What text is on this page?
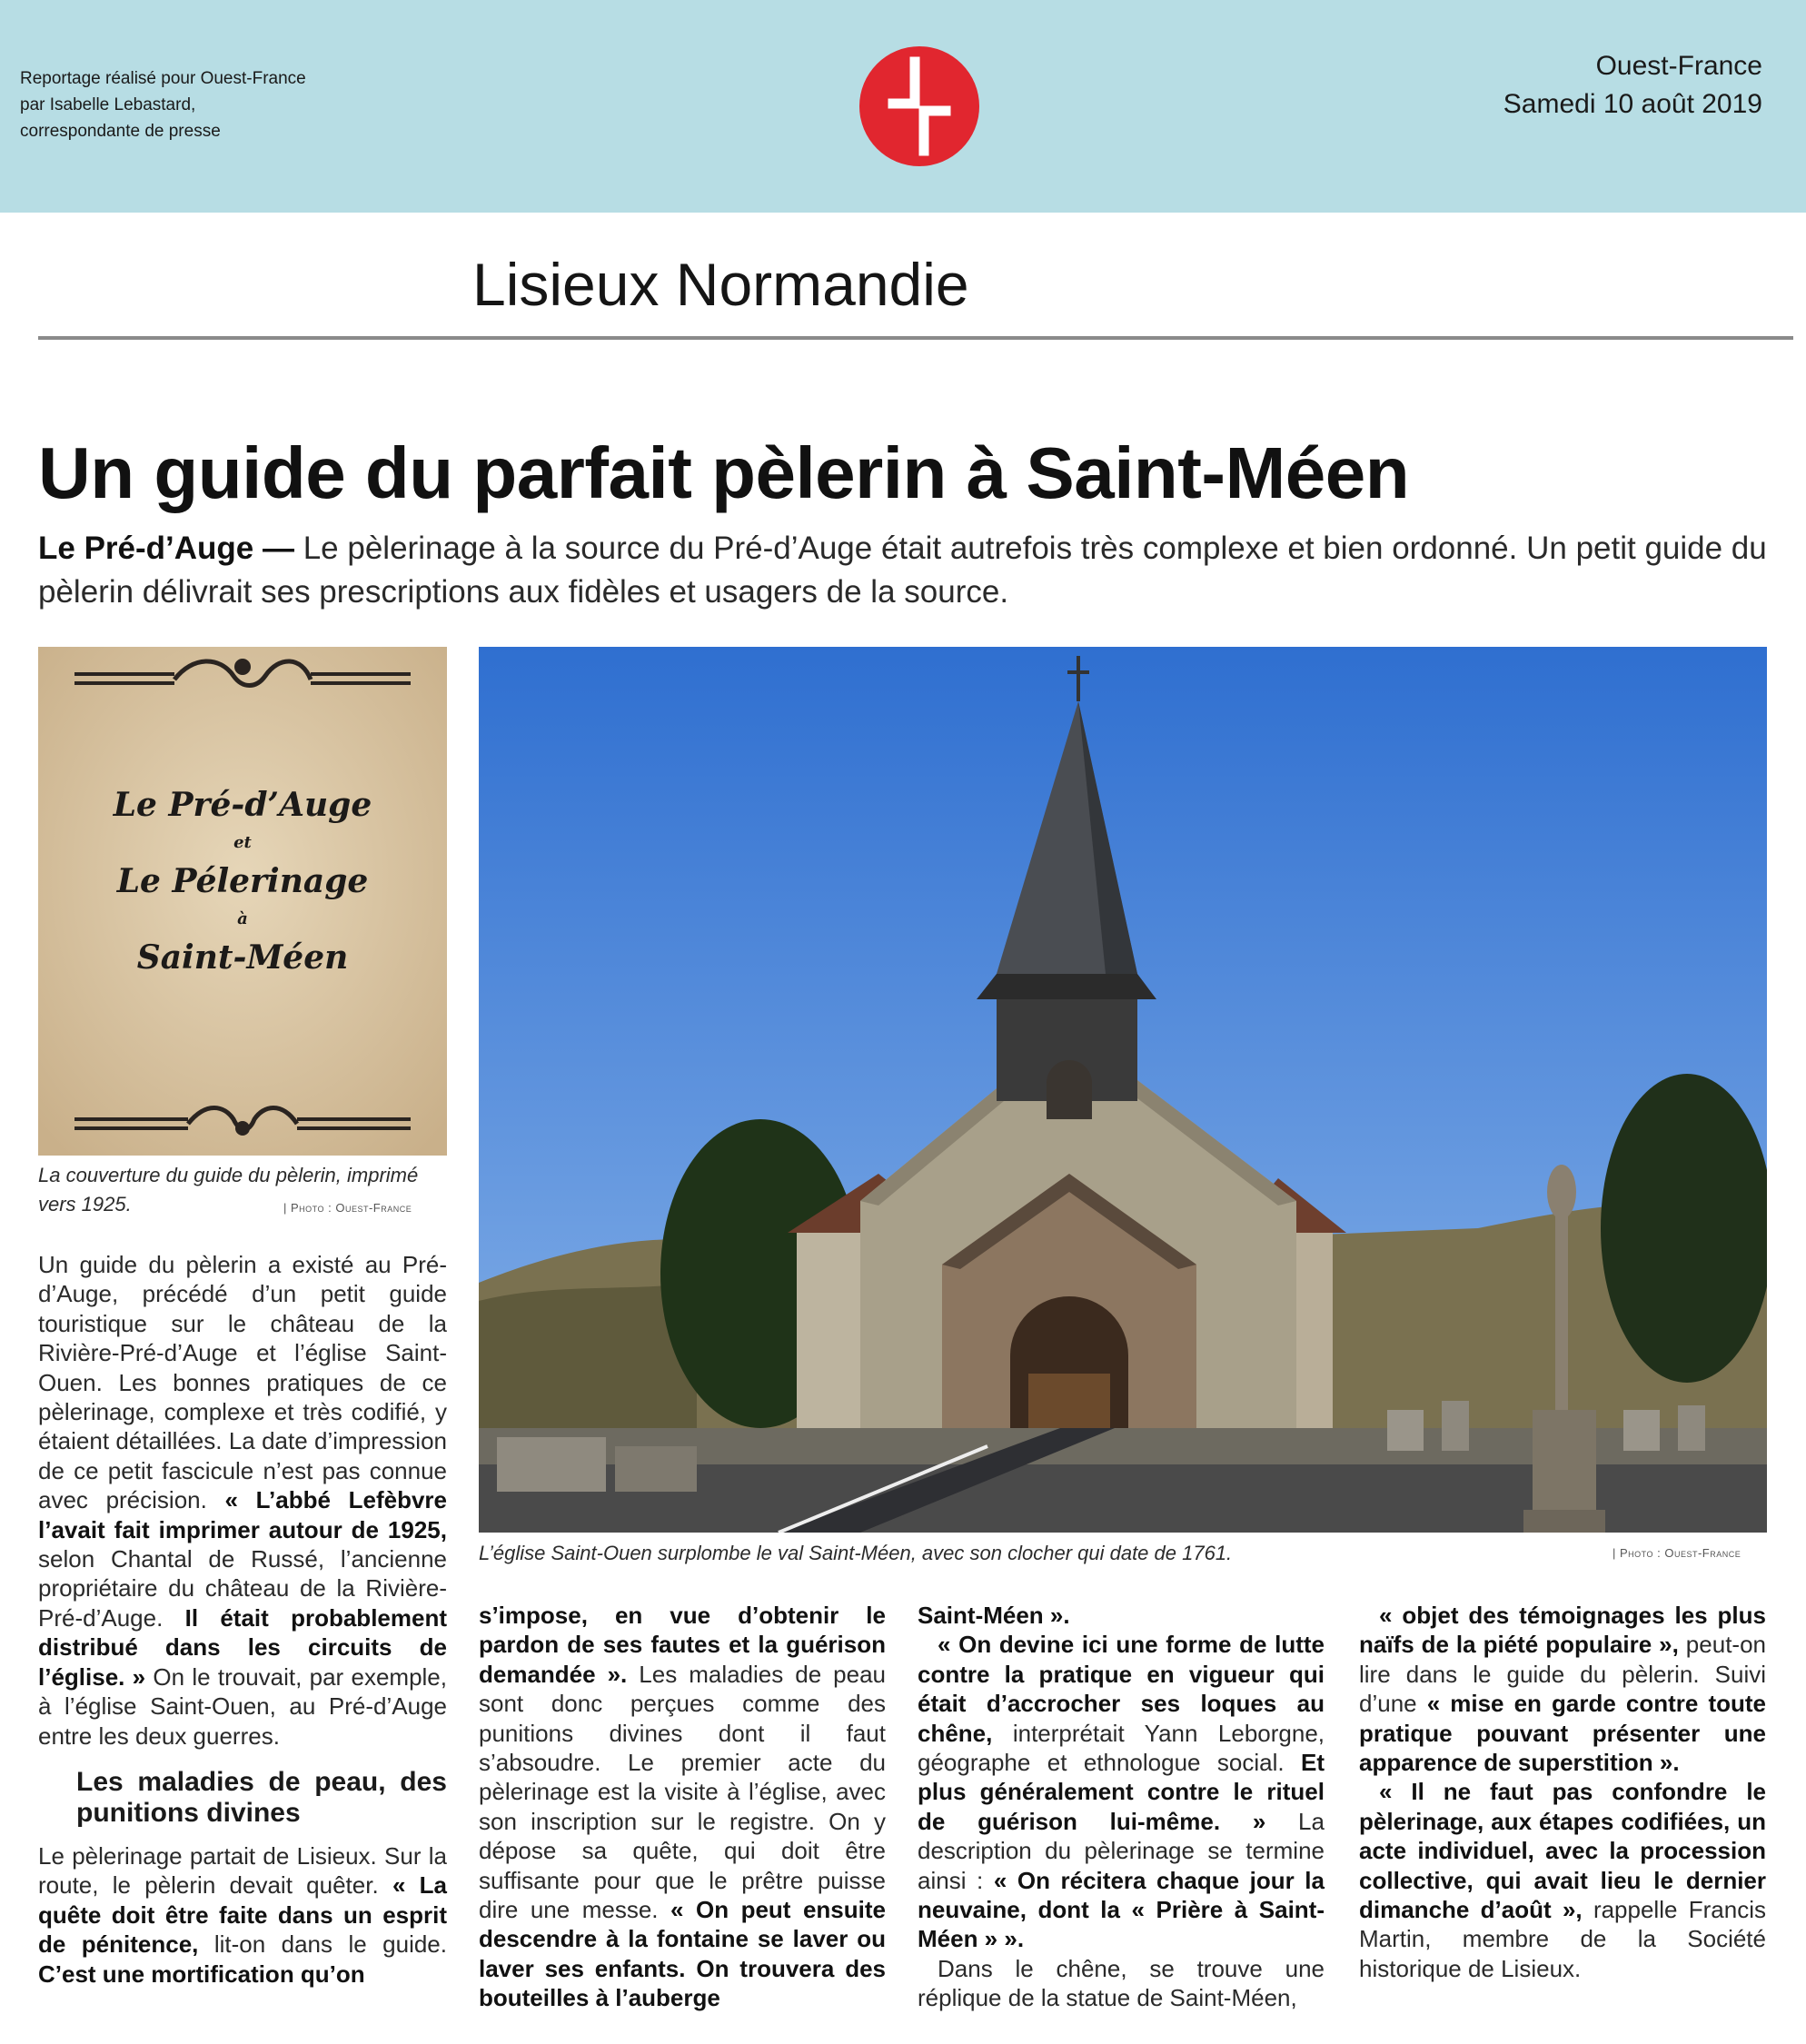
Reportage réalisé pour Ouest-France
par Isabelle Lebastard,
correspondante de presse
Ouest-France
Samedi 10 août 2019
Lisieux Normandie
Un guide du parfait pèlerin à Saint-Méen
Le Pré-d’Auge — Le pèlerinage à la source du Pré-d’Auge était autrefois très complexe et bien ordonné. Un petit guide du pèlerin délivrait ses prescriptions aux fidèles et usagers de la source.
Le Pré-d’Auge
et
Le Pélerinage
à
Saint-Méen
La couverture du guide du pèlerin, imprimé vers 1925.	| Photo : Ouest-France
L’église Saint-Ouen surplombe le val Saint-Méen, avec son clocher qui date de 1761.	| Photo : Ouest-France

Un guide du pèlerin a existé au Pré-d’Auge, précédé d’un petit guide touristique sur le château de la Rivière-Pré-d’Auge et l’église Saint-Ouen. Les bonnes pratiques de ce pèlerinage, complexe et très codifié, y étaient détaillées. La date d’impression de ce petit fascicule n’est pas connue avec précision. « L’abbé Lefèbvre l’avait fait imprimer autour de 1925, selon Chantal de Russé, l’ancienne propriétaire du château de la Rivière-Pré-d’Auge. Il était probablement distribué dans les circuits de l’église. » On le trouvait, par exemple, à l’église Saint-Ouen, au Pré-d’Auge entre les deux guerres.

Les maladies de peau, des punitions divines

Le pèlerinage partait de Lisieux. Sur la route, le pèlerin devait quêter. « La quête doit être faite dans un esprit de pénitence, lit-on dans le guide. C’est une mortification qu’on

s’impose, en vue d’obtenir le pardon de ses fautes et la guérison demandée ». Les maladies de peau sont donc perçues comme des punitions divines dont il faut s’absoudre. Le premier acte du pèlerinage est la visite à l’église, avec son inscription sur le registre. On y dépose sa quête, qui doit être suffisante pour que le prêtre puisse dire une messe. « On peut ensuite descendre à la fontaine se laver ou laver ses enfants. On trouvera des bouteilles à l’auberge

Saint-Méen ».

« On devine ici une forme de lutte contre la pratique en vigueur qui était d’accrocher ses loques au chêne, interprétait Yann Leborgne, géographe et ethnologue social. Et plus généralement contre le rituel de guérison lui-même. » La description du pèlerinage se termine ainsi : « On récitera chaque jour la neuvaine, dont la « Prière à Saint-Méen » ».

Dans le chêne, se trouve une réplique de la statue de Saint-Méen,

« objet des témoignages les plus naïfs de la piété populaire », peut-on lire dans le guide du pèlerin. Suivi d’une « mise en garde contre toute pratique pouvant présenter une apparence de superstition ».

« Il ne faut pas confondre le pèlerinage, aux étapes codifiées, un acte individuel, avec la procession collective, qui avait lieu le dernier dimanche d’août », rappelle Francis Martin, membre de la Société historique de Lisieux.
